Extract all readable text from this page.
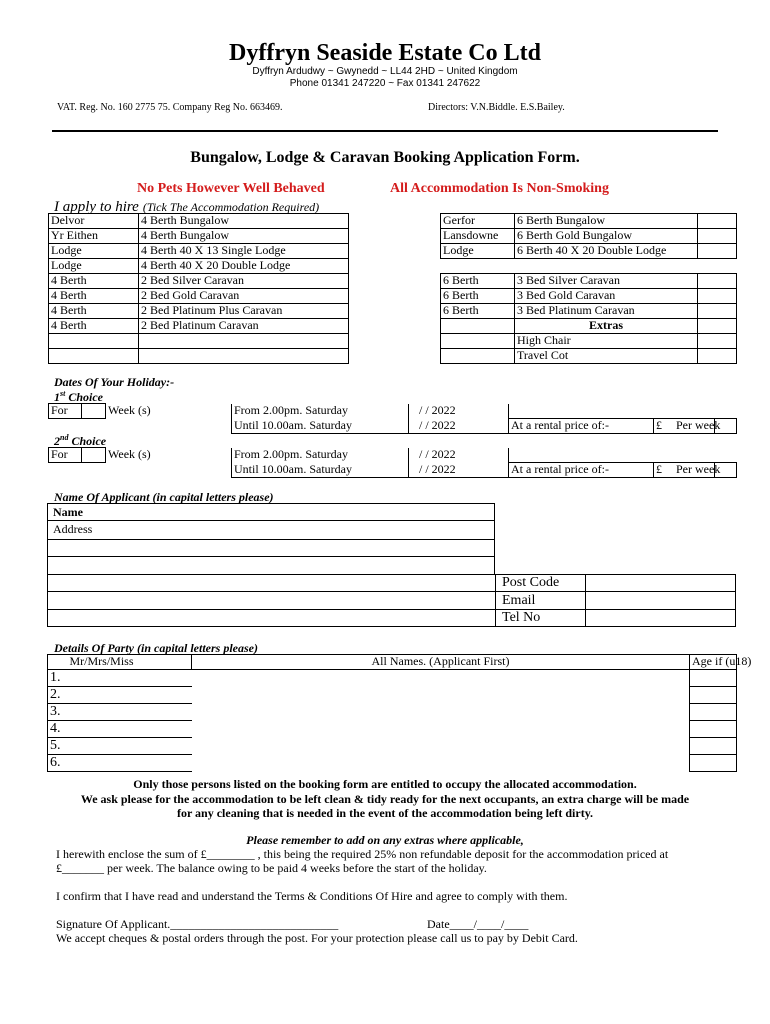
Dyffryn Seaside Estate Co Ltd
Dyffryn Ardudwy ~ Gwynedd ~ LL44 2HD ~ United Kingdom
Phone 01341 247220 ~ Fax 01341 247622
VAT. Reg. No. 160 2775 75. Company Reg No. 663469.	Directors: V.N.Biddle. E.S.Bailey.
Bungalow, Lodge & Caravan Booking Application Form.
No Pets However Well Behaved	All Accommodation Is Non-Smoking
I apply to hire (Tick The Accommodation Required)
Delvor	4 Berth Bungalow
Yr Eithen	4 Berth Bungalow
Lodge	4 Berth 40 X 13 Single Lodge
Lodge	4 Berth 40 X 20 Double Lodge
4 Berth	2 Bed Silver Caravan
4 Berth	2 Bed Gold Caravan
4 Berth	2 Bed Platinum Plus Caravan
4 Berth	2 Bed Platinum Caravan

Gerfor	6 Berth Bungalow	
Lansdowne	6 Berth Gold Bungalow	
Lodge	6 Berth 40 X 20 Double Lodge	

6 Berth	3 Bed Silver Caravan	
6 Berth	3 Bed Gold Caravan	
6 Berth	3 Bed Platinum Caravan	
	Extras	
	High Chair	
	Travel Cot	
Dates Of Your Holiday:-
1st Choice
For		Week (s)	From 2.00pm. Saturday	/ / 2022			
			Until 10.00am. Saturday	/ / 2022	At a rental price of:-	£	Per week
2nd Choice
For		Week (s)	From 2.00pm. Saturday	/ / 2022			
			Until 10.00am. Saturday	/ / 2022	At a rental price of:-	£	Per week
Name Of Applicant (in capital letters please)
Name
Address
Post Code
Email
Tel No
Details Of Party (in capital letters please)
	Mr/Mrs/Miss	All Names. (Applicant First)	Age if (u18)
1.			
2.			
3.			
4.			
5.			
6.			
Only those persons listed on the booking form are entitled to occupy the allocated accommodation.
We ask please for the accommodation to be left clean & tidy ready for the next occupants, an extra charge will be made
for any cleaning that is needed in the event of the accommodation being left dirty.
Please remember to add on any extras where applicable,
I herewith enclose the sum of £________ , this being the required 25% non refundable deposit for the accommodation priced at
£_______ per week. The balance owing to be paid 4 weeks before the start of the holiday.
I confirm that I have read and understand the Terms & Conditions Of Hire and agree to comply with them.
Signature Of Applicant.____________________________	Date____/____/____
We accept cheques & postal orders through the post. For your protection please call us to pay by Debit Card.
